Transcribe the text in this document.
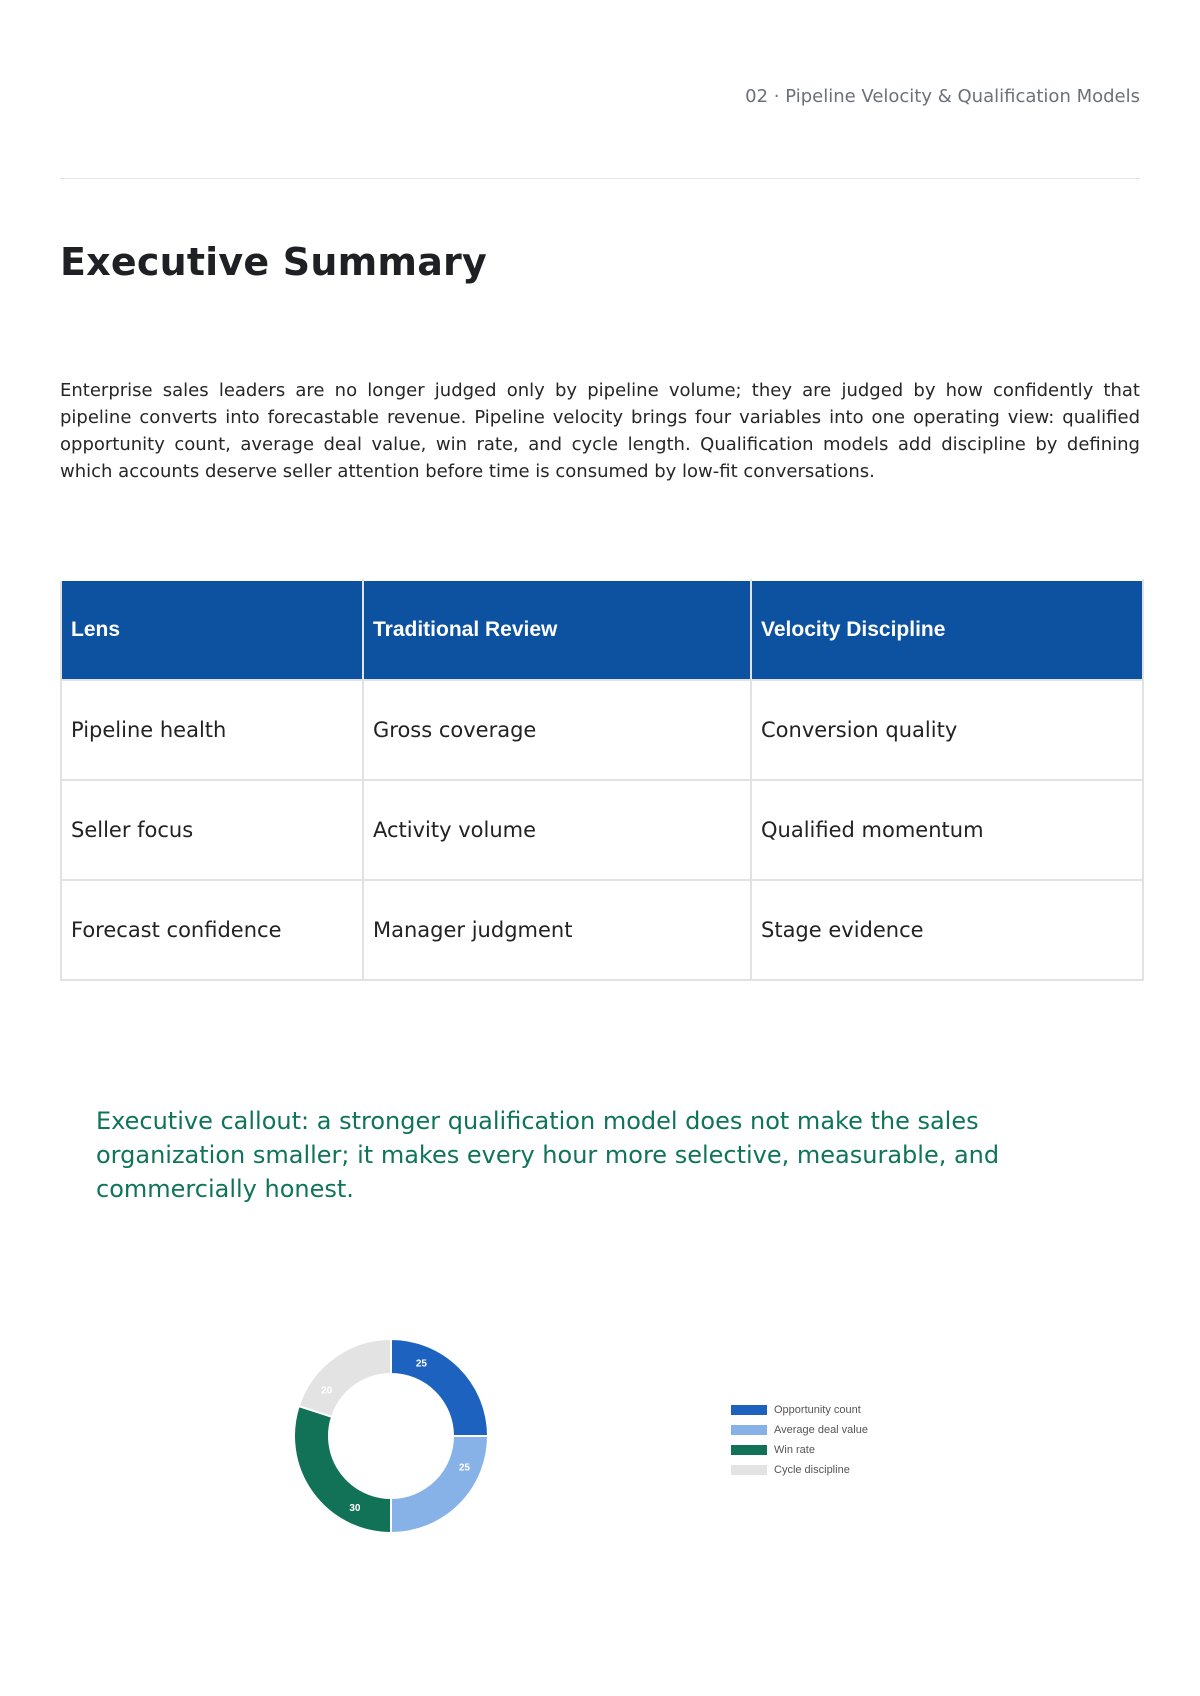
02 · Pipeline Velocity & Qualification Models
Executive Summary

Enterprise sales leaders are no longer judged only by pipeline volume; they are judged by how confidently that pipeline converts into forecastable revenue. Pipeline velocity brings four variables into one operating view: qualified opportunity count, average deal value, win rate, and cycle length. Qualification models add discipline by defining which accounts deserve seller attention before time is consumed by low-fit conversations.

Lens	Traditional Review	Velocity Discipline
Pipeline health	Gross coverage	Conversion quality
Seller focus	Activity volume	Qualified momentum
Forecast confidence	Manager judgment	Stage evidence

Executive callout: a stronger qualification model does not make the sales organization smaller; it makes every hour more selective, measurable, and commercially honest.

25
25
30
20
Opportunity count
Average deal value
Win rate
Cycle discipline
